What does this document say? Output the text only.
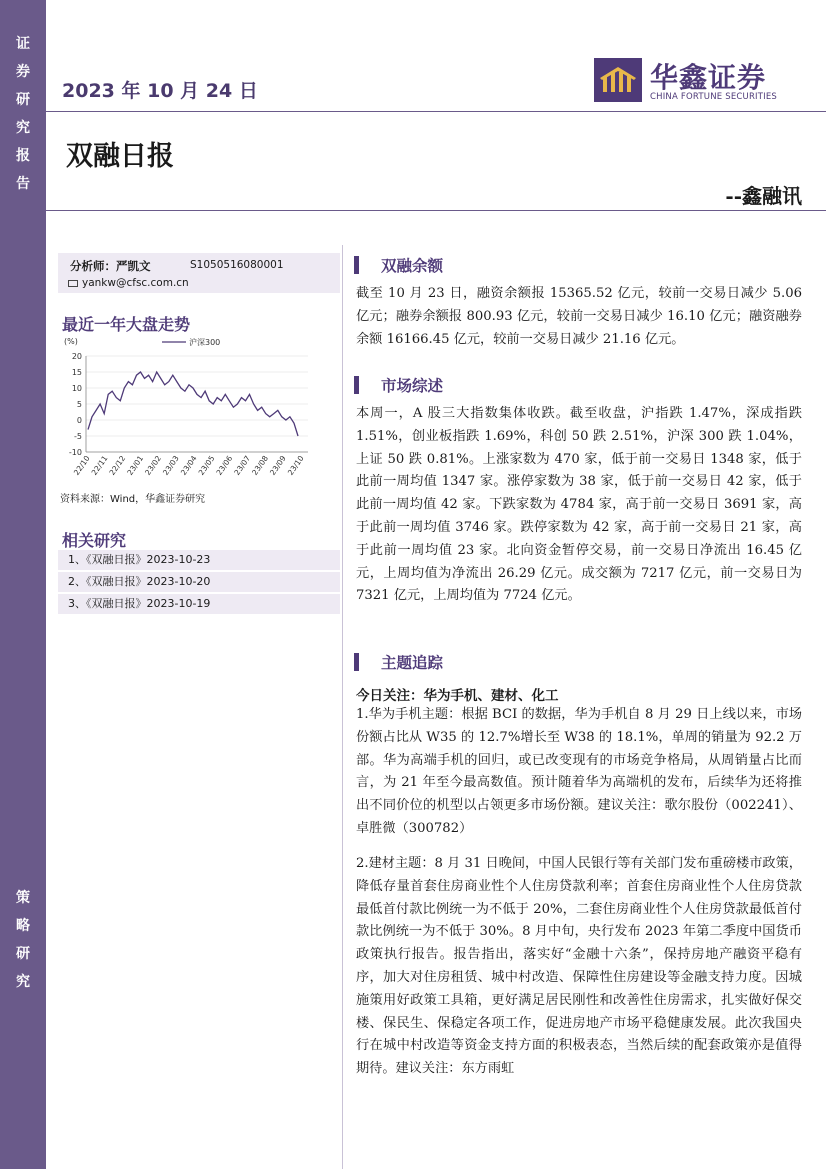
证
券
研
究
报
告
策
略
研
究
2023 年 10 月 24 日	华鑫证券
CHINA FORTUNE SECURITIES
双融日报
--鑫融讯
分析师：严凯文	S1050516080001
yankw@cfsc.com.cn
最近一年大盘走势
(%)	沪深300
20
15
10
5
0
-5
-10
22/10
22/11
22/12
23/01
23/02
23/03
23/04
23/05
23/06
23/07
23/08
23/09
23/10
资料来源：Wind，华鑫证券研究
相关研究
1、《双融日报》2023-10-23
2、《双融日报》2023-10-20
3、《双融日报》2023-10-19
双融余额
截至 10 月 23 日，融资余额报 15365.52 亿元，较前一交易日减少 5.06 亿元；融券余额报 800.93 亿元，较前一交易日减少 16.10 亿元；融资融券余额 16166.45 亿元，较前一交易日减少 21.16 亿元。
市场综述
本周一，A 股三大指数集体收跌。截至收盘，沪指跌 1.47%，深成指跌 1.51%，创业板指跌 1.69%，科创 50 跌 2.51%，沪深 300 跌 1.04%，上证 50 跌 0.81%。上涨家数为 470 家，低于前一交易日 1348 家，低于此前一周均值 1347 家。涨停家数为 38 家，低于前一交易日 42 家，低于此前一周均值 42 家。下跌家数为 4784 家，高于前一交易日 3691 家，高于此前一周均值 3746 家。跌停家数为 42 家，高于前一交易日 21 家，高于此前一周均值 23 家。北向资金暂停交易，前一交易日净流出 16.45 亿元，上周均值为净流出 26.29 亿元。成交额为 7217 亿元，前一交易日为 7321 亿元，上周均值为 7724 亿元。
主题追踪
今日关注：华为手机、建材、化工
1.华为手机主题：根据 BCI 的数据，华为手机自 8 月 29 日上线以来，市场份额占比从 W35 的 12.7%增长至 W38 的 18.1%，单周的销量为 92.2 万部。华为高端手机的回归，或已改变现有的市场竞争格局，从周销量占比而言，为 21 年至今最高数值。预计随着华为高端机的发布，后续华为还将推出不同价位的机型以占领更多市场份额。建议关注：歌尔股份（002241）、卓胜微（300782）
2.建材主题：8 月 31 日晚间，中国人民银行等有关部门发布重磅楼市政策，降低存量首套住房商业性个人住房贷款利率；首套住房商业性个人住房贷款最低首付款比例统一为不低于 20%，二套住房商业性个人住房贷款最低首付款比例统一为不低于 30%。8 月中旬，央行发布 2023 年第二季度中国货币政策执行报告。报告指出，落实好“金融十六条”，保持房地产融资平稳有序，加大对住房租赁、城中村改造、保障性住房建设等金融支持力度。因城施策用好政策工具箱，更好满足居民刚性和改善性住房需求，扎实做好保交楼、保民生、保稳定各项工作，促进房地产市场平稳健康发展。此次我国央行在城中村改造等资金支持方面的积极表态，当然后续的配套政策亦是值得期待。建议关注：东方雨虹
